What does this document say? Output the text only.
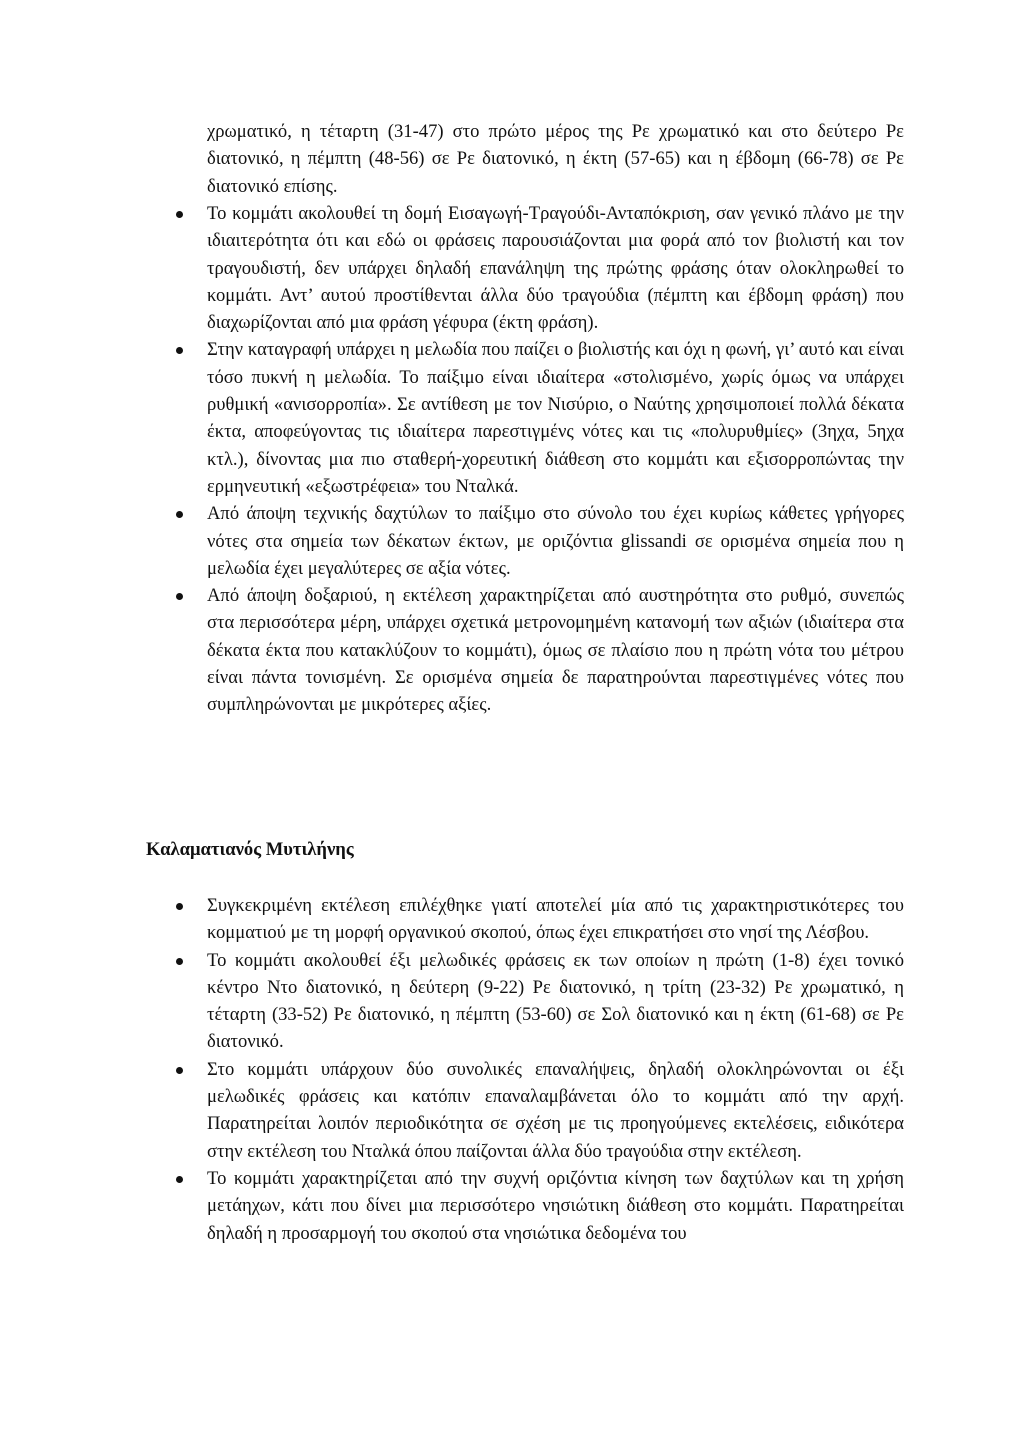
χρωματικό, η τέταρτη (31-47) στο πρώτο μέρος της Ρε χρωματικό και στο δεύτερο Ρε διατονικό, η πέμπτη (48-56) σε Ρε διατονικό, η έκτη (57-65) και η έβδομη (66-78) σε Ρε διατονικό επίσης.

Το κομμάτι ακολουθεί τη δομή Εισαγωγή-Τραγούδι-Ανταπόκριση, σαν γενικό πλάνο με την ιδιαιτερότητα ότι και εδώ οι φράσεις παρουσιάζονται μια φορά από τον βιολιστή και τον τραγουδιστή, δεν υπάρχει δηλαδή επανάληψη της πρώτης φράσης όταν ολοκληρωθεί το κομμάτι. Αντ’ αυτού προστίθενται άλλα δύο τραγούδια (πέμπτη και έβδομη φράση) που διαχωρίζονται από μια φράση γέφυρα (έκτη φράση).
Στην καταγραφή υπάρχει η μελωδία που παίζει ο βιολιστής και όχι η φωνή, γι’ αυτό και είναι τόσο πυκνή η μελωδία. Το παίξιμο είναι ιδιαίτερα «στολισμένο, χωρίς όμως να υπάρχει ρυθμική «ανισορροπία». Σε αντίθεση με τον Νισύριο, ο Ναύτης χρησιμοποιεί πολλά δέκατα έκτα, αποφεύγοντας τις ιδιαίτερα παρεστιγμένς νότες και τις «πολυρυθμίες» (3ηχα, 5ηχα κτλ.), δίνοντας μια πιο σταθερή-χορευτική διάθεση στο κομμάτι και εξισορροπώντας την ερμηνευτική «εξωστρέφεια» του Νταλκά.
Από άποψη τεχνικής δαχτύλων το παίξιμο στο σύνολο του έχει κυρίως κάθετες γρήγορες νότες στα σημεία των δέκατων έκτων, με οριζόντια glissandi σε ορισμένα σημεία που η μελωδία έχει μεγαλύτερες σε αξία νότες.
Από άποψη δοξαριού, η εκτέλεση χαρακτηρίζεται από αυστηρότητα στο ρυθμό, συνεπώς στα περισσότερα μέρη, υπάρχει σχετικά μετρονομημένη κατανομή των αξιών (ιδιαίτερα στα δέκατα έκτα που κατακλύζουν το κομμάτι), όμως σε πλαίσιο που η πρώτη νότα του μέτρου είναι πάντα τονισμένη. Σε ορισμένα σημεία δε παρατηρούνται παρεστιγμένες νότες που συμπληρώνονται με μικρότερες αξίες.
Καλαματιανός Μυτιλήνης
Συγκεκριμένη εκτέλεση επιλέχθηκε γιατί αποτελεί μία από τις χαρακτηριστικότερες του κομματιού με τη μορφή οργανικού σκοπού, όπως έχει επικρατήσει στο νησί της Λέσβου.
Το κομμάτι ακολουθεί έξι μελωδικές φράσεις εκ των οποίων η πρώτη (1-8) έχει τονικό κέντρο Ντο διατονικό, η δεύτερη (9-22) Ρε διατονικό, η τρίτη (23-32) Ρε χρωματικό, η τέταρτη (33-52) Ρε διατονικό, η πέμπτη (53-60) σε Σολ διατονικό και η έκτη (61-68) σε Ρε διατονικό.
Στο κομμάτι υπάρχουν δύο συνολικές επαναλήψεις, δηλαδή ολοκληρώνονται οι έξι μελωδικές φράσεις και κατόπιν επαναλαμβάνεται όλο το κομμάτι από την αρχή. Παρατηρείται λοιπόν περιοδικότητα σε σχέση με τις προηγούμενες εκτελέσεις, ειδικότερα στην εκτέλεση του Νταλκά όπου παίζονται άλλα δύο τραγούδια στην εκτέλεση.
Το κομμάτι χαρακτηρίζεται από την συχνή οριζόντια κίνηση των δαχτύλων και τη χρήση μετάηχων, κάτι που δίνει μια περισσότερο νησιώτικη διάθεση στο κομμάτι. Παρατηρείται δηλαδή η προσαρμογή του σκοπού στα νησιώτικα δεδομένα του
